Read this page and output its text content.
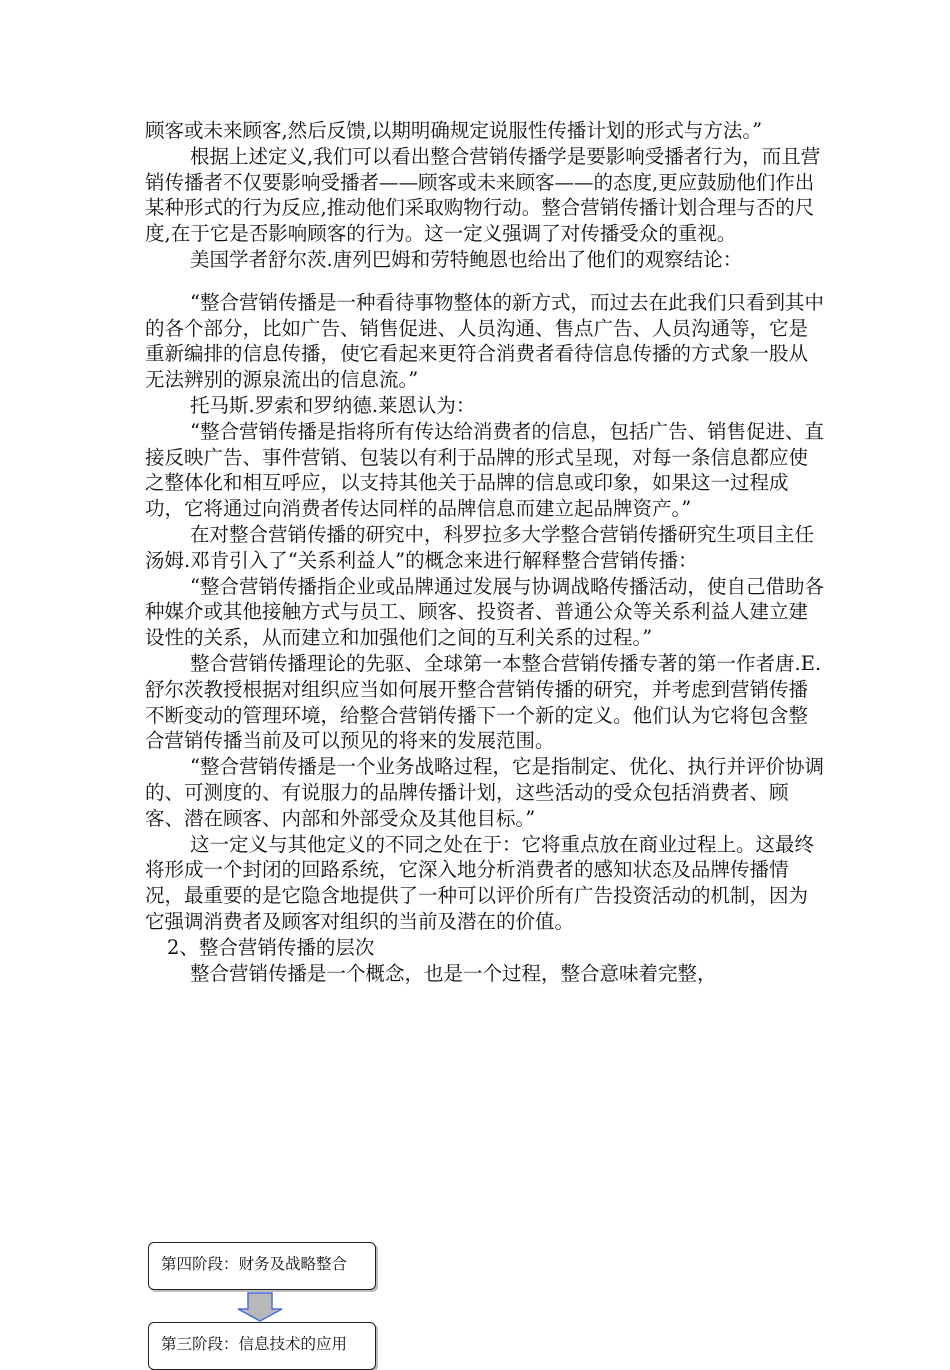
顾客或未来顾客,然后反馈,以期明确规定说服性传播计划的形式与方法。”

根据上述定义,我们可以看出整合营销传播学是要影响受播者行为，而且营销传播者不仅要影响受播者——顾客或未来顾客——的态度,更应鼓励他们作出某种形式的行为反应,推动他们采取购物行动。整合营销传播计划合理与否的尺度,在于它是否影响顾客的行为。这一定义强调了对传播受众的重视。

美国学者舒尔茨.唐列巴姆和劳特鲍恩也给出了他们的观察结论：

“整合营销传播是一种看待事物整体的新方式，而过去在此我们只看到其中的各个部分，比如广告、销售促进、人员沟通、售点广告、人员沟通等，它是重新编排的信息传播，使它看起来更符合消费者看待信息传播的方式象一股从无法辨别的源泉流出的信息流。”

托马斯.罗索和罗纳德.莱恩认为：

“整合营销传播是指将所有传达给消费者的信息，包括广告、销售促进、直接反映广告、事件营销、包装以有利于品牌的形式呈现，对每一条信息都应使之整体化和相互呼应，以支持其他关于品牌的信息或印象，如果这一过程成功，它将通过向消费者传达同样的品牌信息而建立起品牌资产。”

在对整合营销传播的研究中，科罗拉多大学整合营销传播研究生项目主任汤姆.邓肯引入了“关系利益人”的概念来进行解释整合营销传播：

“整合营销传播指企业或品牌通过发展与协调战略传播活动，使自己借助各种媒介或其他接触方式与员工、顾客、投资者、普通公众等关系利益人建立建设性的关系，从而建立和加强他们之间的互利关系的过程。”

整合营销传播理论的先驱、全球第一本整合营销传播专著的第一作者唐.E.舒尔茨教授根据对组织应当如何展开整合营销传播的研究，并考虑到营销传播不断变动的管理环境，给整合营销传播下一个新的定义。他们认为它将包含整合营销传播当前及可以预见的将来的发展范围。

“整合营销传播是一个业务战略过程，它是指制定、优化、执行并评价协调的、可测度的、有说服力的品牌传播计划，这些活动的受众包括消费者、顾客、潜在顾客、内部和外部受众及其他目标。”

这一定义与其他定义的不同之处在于：它将重点放在商业过程上。这最终将形成一个封闭的回路系统，它深入地分析消费者的感知状态及品牌传播情况，最重要的是它隐含地提供了一种可以评价所有广告投资活动的机制，因为它强调消费者及顾客对组织的当前及潜在的价值。

2、整合营销传播的层次

整合营销传播是一个概念，也是一个过程，整合意味着完整，

第四阶段：财务及战略整合
第三阶段：信息技术的应用
